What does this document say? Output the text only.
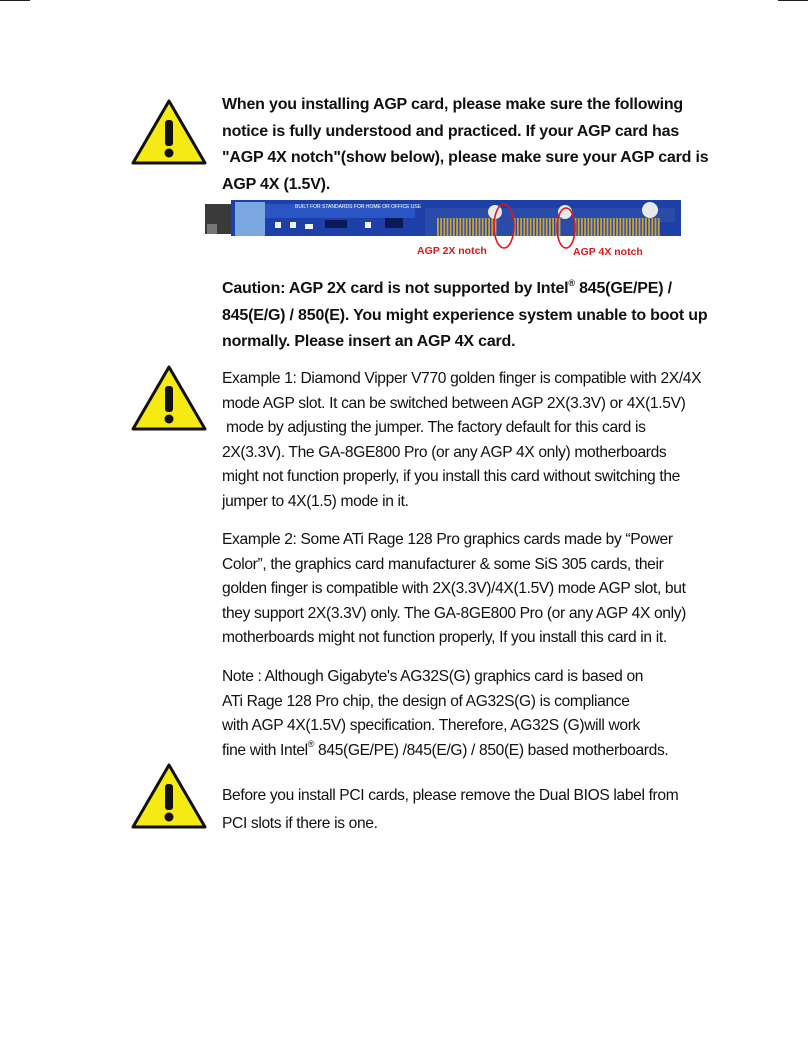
When you installing AGP card, please make sure the following
notice is fully understood and practiced. If your AGP card has
"AGP 4X notch"(show below), please make sure your AGP card is
AGP 4X (1.5V).
BUILT FOR STANDARDS FOR HOME OR OFFICE USE
AGP 2X notch	AGP 4X notch
Caution: AGP 2X card is not supported by Intel® 845(GE/PE) /
845(E/G) / 850(E). You might experience system unable to boot up
normally. Please insert an AGP 4X card.
Example 1: Diamond Vipper V770 golden finger is compatible with 2X/4X
mode AGP slot. It can be switched between AGP 2X(3.3V) or 4X(1.5V)
mode by adjusting the jumper. The factory default for this card is
2X(3.3V). The GA-8GE800 Pro (or any AGP 4X only) motherboards
might not function properly, if you install this card without switching the
jumper to 4X(1.5) mode in it.
Example 2: Some ATi Rage 128 Pro graphics cards made by “Power
Color”, the graphics card manufacturer & some SiS 305 cards, their
golden finger is compatible with 2X(3.3V)/4X(1.5V) mode AGP slot, but
they support 2X(3.3V) only. The GA-8GE800 Pro (or any AGP 4X only)
motherboards might not function properly, If you install this card in it.
Note : Although Gigabyte's AG32S(G) graphics card is based on
ATi Rage 128 Pro chip, the design of AG32S(G) is compliance
with AGP 4X(1.5V) specification. Therefore, AG32S (G)will work
fine with Intel® 845(GE/PE) /845(E/G) / 850(E) based motherboards.
Before you install PCI cards, please remove the Dual BIOS label from
PCI slots if there is one.
